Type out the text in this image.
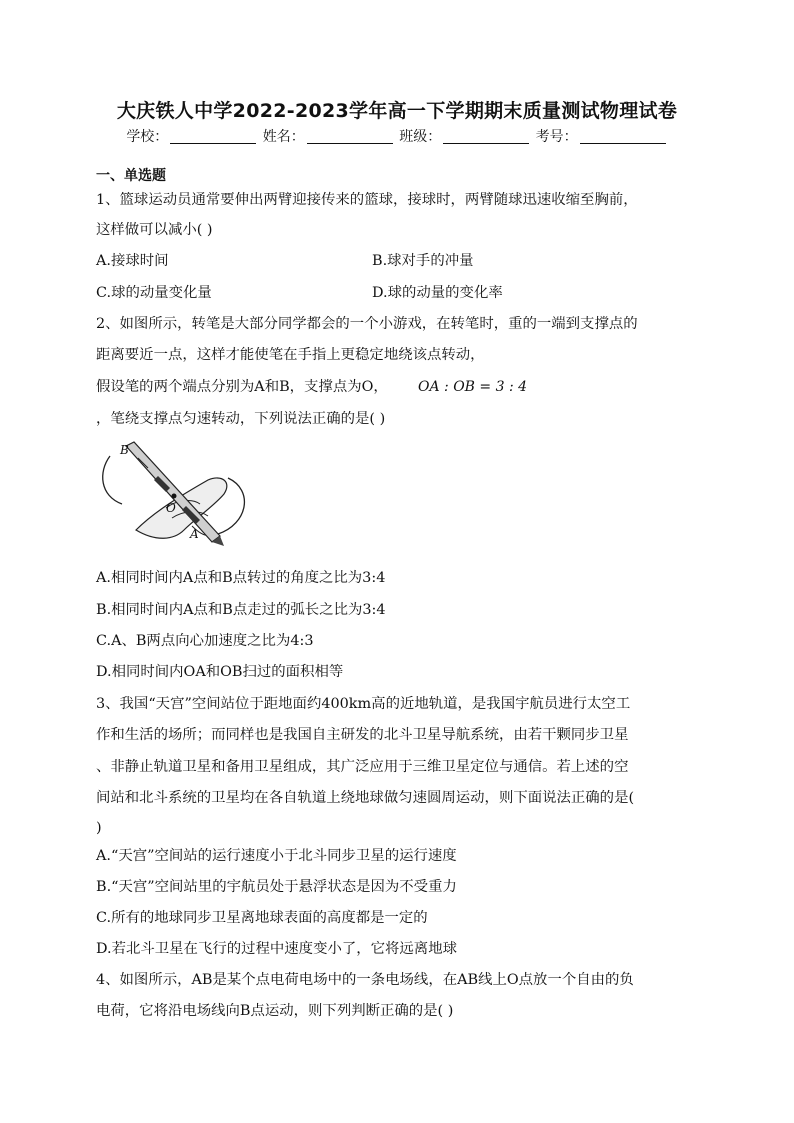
大庆铁人中学2022-2023学年高一下学期期末质量测试物理试卷
学校：	姓名：	班级：	考号：
一、单选题
1、篮球运动员通常要伸出两臂迎接传来的篮球，接球时，两臂随球迅速收缩至胸前，
这样做可以减小( )
A.接球时间	B.球对手的冲量
C.球的动量变化量	D.球的动量的变化率
2、如图所示，转笔是大部分同学都会的一个小游戏，在转笔时，重的一端到支撑点的
距离要近一点，这样才能使笔在手指上更稳定地绕该点转动，
假设笔的两个端点分别为A和B，支撑点为O， OA : OB = 3 : 4
，笔绕支撑点匀速转动，下列说法正确的是( )
B
O
A
A.相同时间内A点和B点转过的角度之比为3:4
B.相同时间内A点和B点走过的弧长之比为3:4
C.A、B两点向心加速度之比为4:3
D.相同时间内OA和OB扫过的面积相等
3、我国“天宫”空间站位于距地面约400km高的近地轨道，是我国宇航员进行太空工
作和生活的场所；而同样也是我国自主研发的北斗卫星导航系统，由若干颗同步卫星
、非静止轨道卫星和备用卫星组成，其广泛应用于三维卫星定位与通信。若上述的空
间站和北斗系统的卫星均在各自轨道上绕地球做匀速圆周运动，则下面说法正确的是(
)
A.“天宫”空间站的运行速度小于北斗同步卫星的运行速度
B.“天宫”空间站里的宇航员处于悬浮状态是因为不受重力
C.所有的地球同步卫星离地球表面的高度都是一定的
D.若北斗卫星在飞行的过程中速度变小了，它将远离地球
4、如图所示，AB是某个点电荷电场中的一条电场线，在AB线上O点放一个自由的负
电荷，它将沿电场线向B点运动，则下列判断正确的是( )
